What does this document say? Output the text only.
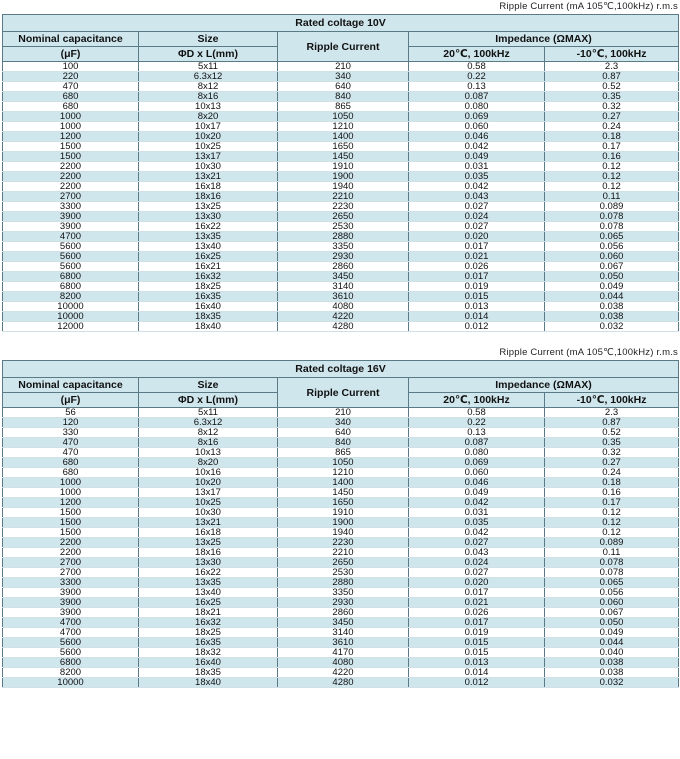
Ripple Current (mA 105℃,100kHz) r.m.s
Rated coltage 10V				
Nominal capacitance	Size	Ripple Current	Impedance (ΩMAX)	
(μF)	ΦD x L(mm)		20℃, 100kHz	-10℃, 100kHz
100	5x11	210	0.58	2.3
220	6.3x12	340	0.22	0.87
470	8x12	640	0.13	0.52
680	8x16	840	0.087	0.35
680	10x13	865	0.080	0.32
1000	8x20	1050	0.069	0.27
1000	10x17	1210	0.060	0.24
1200	10x20	1400	0.046	0.18
1500	10x25	1650	0.042	0.17
1500	13x17	1450	0.049	0.16
2200	10x30	1910	0.031	0.12
2200	13x21	1900	0.035	0.12
2200	16x18	1940	0.042	0.12
2700	18x16	2210	0.043	0.11
3300	13x25	2230	0.027	0.089
3900	13x30	2650	0.024	0.078
3900	16x22	2530	0.027	0.078
4700	13x35	2880	0.020	0.065
5600	13x40	3350	0.017	0.056
5600	16x25	2930	0.021	0.060
5600	16x21	2860	0.026	0.067
6800	16x32	3450	0.017	0.050
6800	18x25	3140	0.019	0.049
8200	16x35	3610	0.015	0.044
10000	16x40	4080	0.013	0.038
10000	18x35	4220	0.014	0.038
12000	18x40	4280	0.012	0.032
Ripple Current (mA 105℃,100kHz) r.m.s
Rated coltage 16V				
Nominal capacitance	Size	Ripple Current	Impedance (ΩMAX)	
(μF)	ΦD x L(mm)		20℃, 100kHz	-10℃, 100kHz
56	5x11	210	0.58	2.3
120	6.3x12	340	0.22	0.87
330	8x12	640	0.13	0.52
470	8x16	840	0.087	0.35
470	10x13	865	0.080	0.32
680	8x20	1050	0.069	0.27
680	10x16	1210	0.060	0.24
1000	10x20	1400	0.046	0.18
1000	13x17	1450	0.049	0.16
1200	10x25	1650	0.042	0.17
1500	10x30	1910	0.031	0.12
1500	13x21	1900	0.035	0.12
1500	16x18	1940	0.042	0.12
2200	13x25	2230	0.027	0.089
2200	18x16	2210	0.043	0.11
2700	13x30	2650	0.024	0.078
2700	16x22	2530	0.027	0.078
3300	13x35	2880	0.020	0.065
3900	13x40	3350	0.017	0.056
3900	16x25	2930	0.021	0.060
3900	18x21	2860	0.026	0.067
4700	16x32	3450	0.017	0.050
4700	18x25	3140	0.019	0.049
5600	16x35	3610	0.015	0.044
5600	18x32	4170	0.015	0.040
6800	16x40	4080	0.013	0.038
8200	18x35	4220	0.014	0.038
10000	18x40	4280	0.012	0.032
